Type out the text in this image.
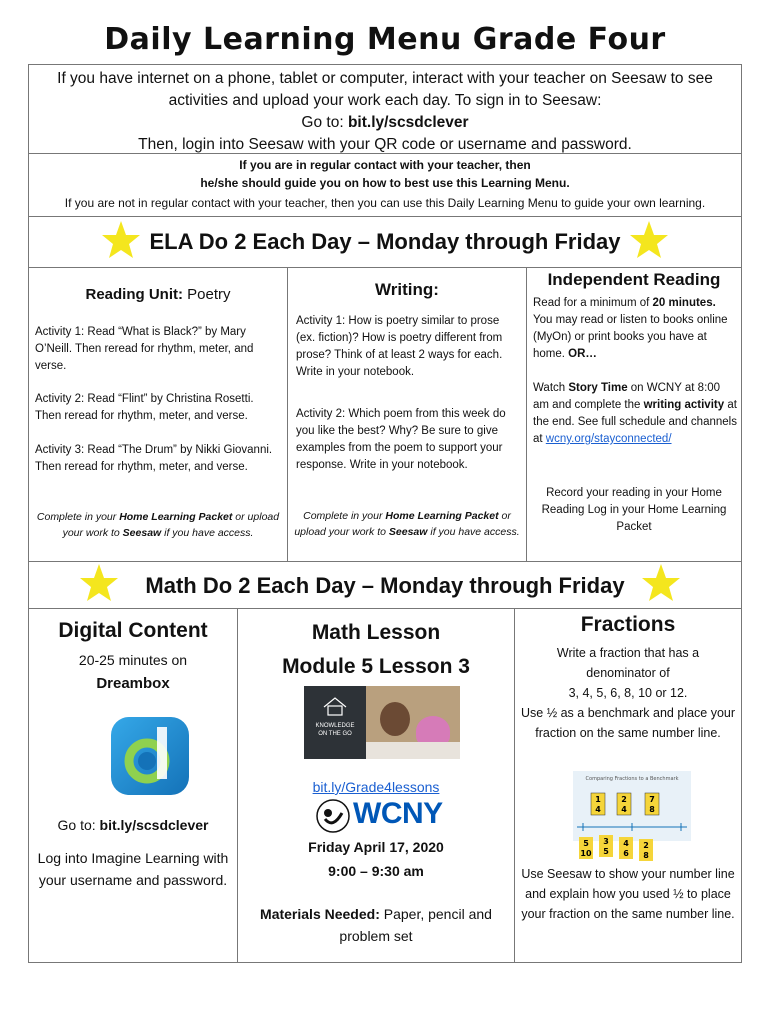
Daily Learning Menu Grade Four
If you have internet on a phone, tablet or computer, interact with your teacher on Seesaw to see
activities and upload your work each day. To sign in to Seesaw:
Go to: bit.ly/scsdclever
Then, login into Seesaw with your QR code or username and password.
If you are in regular contact with your teacher, then
he/she should guide you on how to best use this Learning Menu.
If you are not in regular contact with your teacher, then you can use this Daily Learning Menu to guide your own learning.
ELA Do 2 Each Day – Monday through Friday
Reading Unit: Poetry
Activity 1: Read “What is Black?” by Mary O’Neill. Then reread for rhythm, meter, and verse.
Activity 2: Read “Flint” by Christina Rosetti. Then reread for rhythm, meter, and verse.
Activity 3: Read “The Drum” by Nikki Giovanni. Then reread for rhythm, meter, and verse.
Complete in your Home Learning Packet or upload your work to Seesaw if you have access.
Writing:
Activity 1: How is poetry similar to prose (ex. fiction)? How is poetry different from prose? Think of at least 2 ways for each. Write in your notebook.
Activity 2: Which poem from this week do you like the best? Why? Be sure to give examples from the poem to support your response. Write in your notebook.
Complete in your Home Learning Packet or upload your work to Seesaw if you have access.
Independent Reading
Read for a minimum of 20 minutes. You may read or listen to books online (MyOn) or print books you have at home. OR…
Watch Story Time on WCNY at 8:00 am and complete the writing activity at the end. See full schedule and channels at wcny.org/stayconnected/
Record your reading in your Home Reading Log in your Home Learning Packet
Math Do 2 Each Day – Monday through Friday
Digital Content
20-25 minutes on
Dreambox
Go to: bit.ly/scsdclever
Log into Imagine Learning with your username and password.
Math Lesson
Module 5 Lesson 3
KNOWLEDGE
ON THE GO
bit.ly/Grade4lessons
WCNY
Friday April 17, 2020
9:00 – 9:30 am
Materials Needed: Paper, pencil and problem set
Fractions
Write a fraction that has a denominator of
3, 4, 5, 6, 8, 10 or 12.
Use ½ as a benchmark and place your fraction on the same number line.
Comparing Fractions to a Benchmark
1
4
2
4
7
8
5
10
3
5
4
6
2
8
Use Seesaw to show your number line and explain how you used ½ to place your fraction on the same number line.
